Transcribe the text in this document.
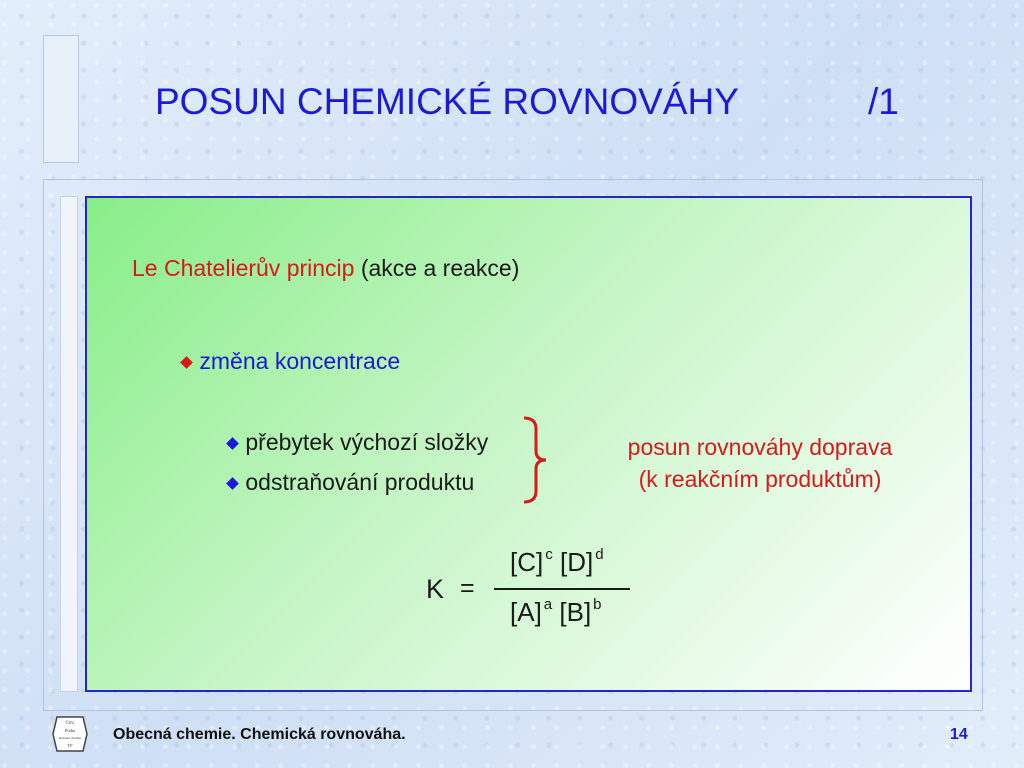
POSUN CHEMICKÉ ROVNOVÁHY	/1
Le Chatelierův princip (akce a reakce)
změna koncentrace
přebytek výchozí složky
odstraňování produktu
posun rovnováhy doprava
(k reakčním produktům)
K =
[C] $^c$ [D] $^d$
[A] $^a$ [B] $^b$
ČZU
Praha
Katedra chemie
TF
Obecná chemie. Chemická rovnováha.	14
